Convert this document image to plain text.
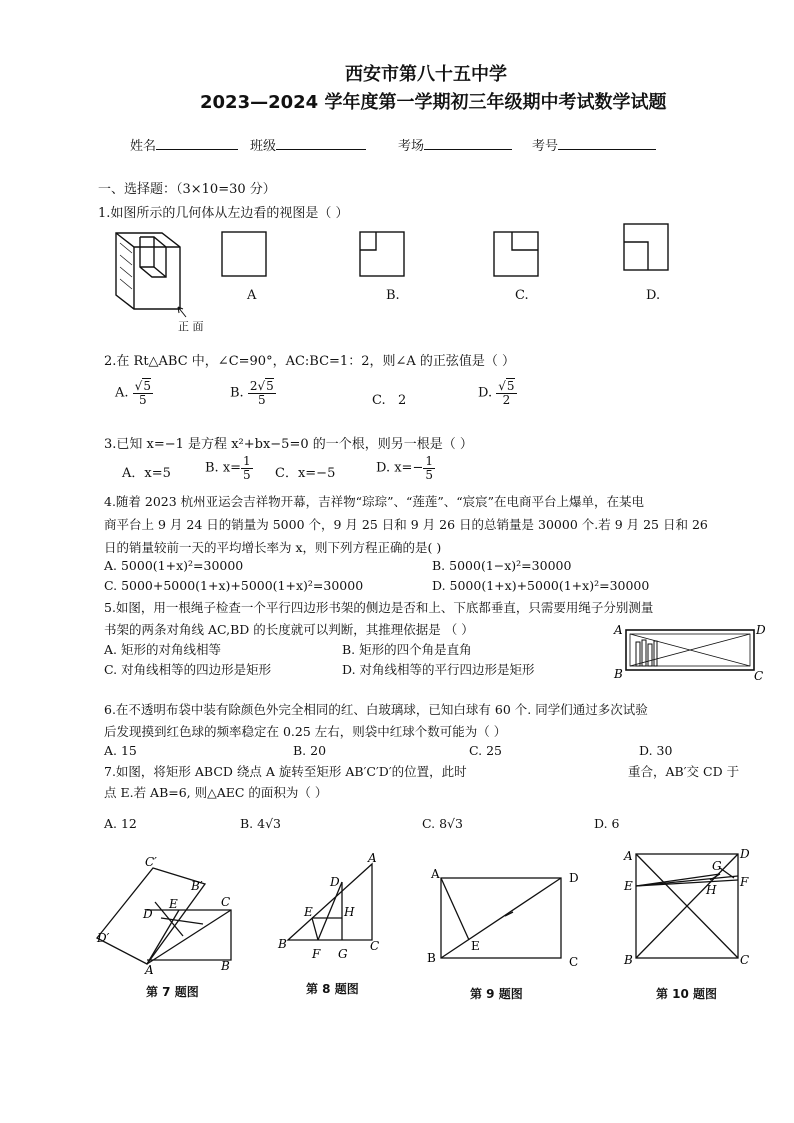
西安市第八十五中学
2023—2024 学年度第一学期初三年级期中考试数学试题
姓名	班级	考场	考号
一、选择题：（3×10=30 分）
1.如图所示的几何体从左边看的视图是（ ）
正 面
A	B.	C.	D.
2.在 Rt△ABC 中，∠C=90°，AC:BC=1：2，则∠A 的正弦值是（ ）
A. $\frac{√5}{5}$	B. $\frac{2√5}{5}$	C. 2	D. $\frac{√5}{2}$
3.已知 x=−1 是方程 x²+bx−5=0 的一个根，则另一根是（ ）
A．x=5	B. $x= \frac{1}{5}$ C．x=−5	D. $x=- \frac{1}{5}$
4.随着 2023 杭州亚运会吉祥物开幕，吉祥物“琮琮”、“莲莲”、“宸宸”在电商平台上爆单，在某电
商平台上 9 月 24 日的销量为 5000 个，9 月 25 日和 9 月 26 日的总销量是 30000 个.若 9 月 25 日和 26
日的销量较前一天的平均增长率为 x，则下列方程正确的是( )
A. 5000(1+x)²=30000	B. 5000(1−x)²=30000
C. 5000+5000(1+x)+5000(1+x)²=30000	D. 5000(1+x)+5000(1+x)²=30000
5.如图，用一根绳子检查一个平行四边形书架的侧边是否和上、下底都垂直，只需要用绳子分别测量
书架的两条对角线 AC,BD 的长度就可以判断，其推理依据是 （ ）
A. 矩形的对角线相等	B. 矩形的四个角是直角
C. 对角线相等的四边形是矩形	D. 对角线相等的平行四边形是矩形
A	D
B	C
6.在不透明布袋中装有除颜色外完全相同的红、白玻璃球，已知白球有 60 个. 同学们通过多次试验
后发现摸到红色球的频率稳定在 0.25 左右，则袋中红球个数可能为（ ）
A. 15	B. 20	C. 25	D. 30
7.如图，将矩形 ABCD 绕点 A 旋转至矩形 AB′C′D′的位置，此时	重合，AB′交 CD 于
点 E.若 AB=6, 则△AEC 的面积为（ ）
A. 12	B. 4√3	C. 8√3	D. 6
C′
B′
E
D
C
D′
A	B
第 7 题图
A
D
E	H
B
F G
C
第 8 题图
A	D
E
B	C
第 9 题图
A	D
G
E	F
H
B	C
第 10 题图
